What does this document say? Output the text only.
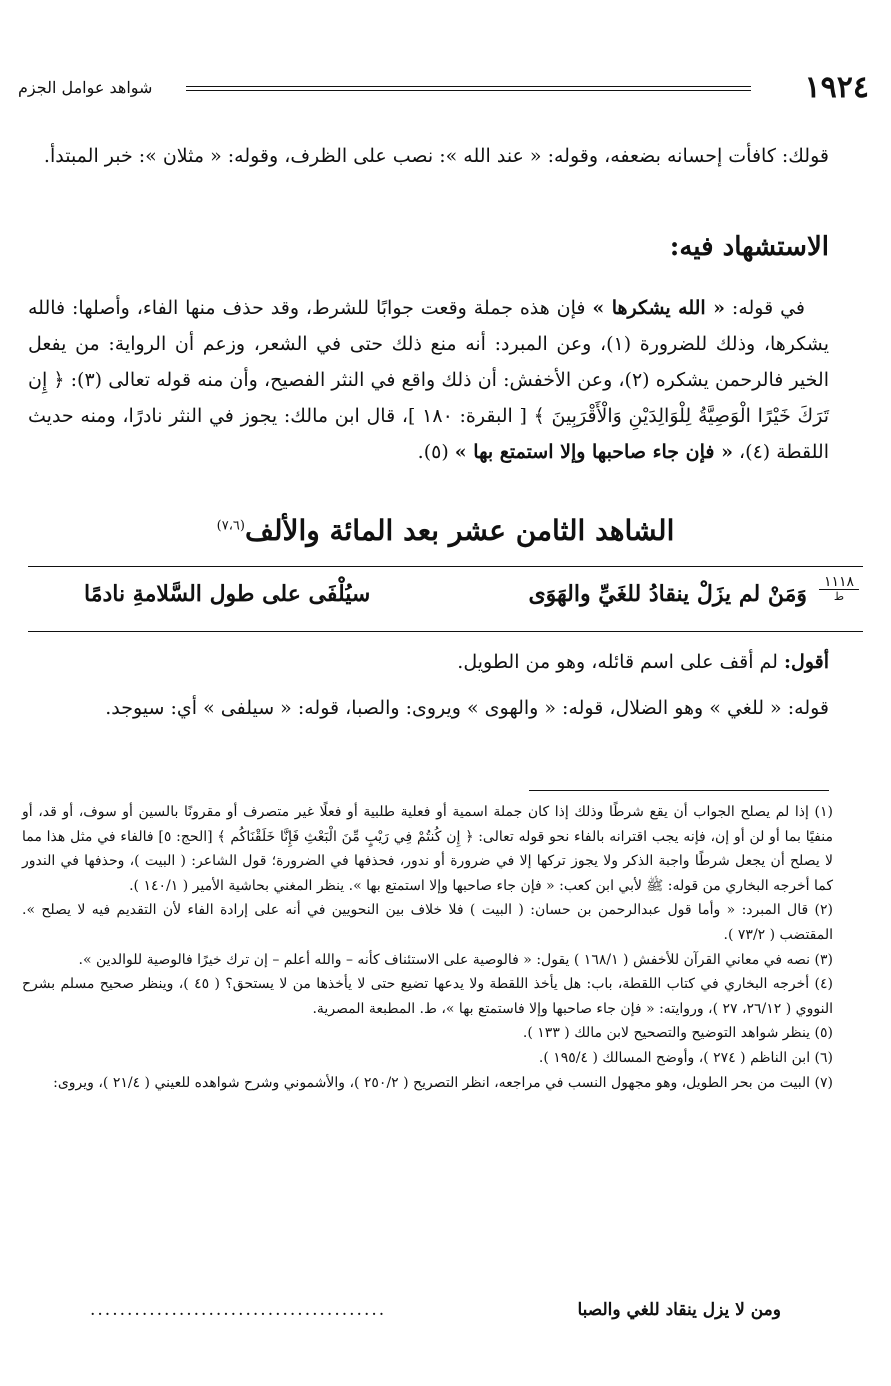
١٩٢٤
شواهد عوامل الجزم
قولك: كافأت إحسانه بضعفه، وقوله: « عند الله »: نصب على الظرف، وقوله: « مثلان »: خبر المبتدأ.
الاستشهاد فيه:
في قوله: « الله يشكرها » فإن هذه جملة وقعت جوابًا للشرط، وقد حذف منها الفاء، وأصلها: فالله يشكرها، وذلك للضرورة (١)، وعن المبرد: أنه منع ذلك حتى في الشعر، وزعم أن الرواية: من يفعل الخير فالرحمن يشكره (٢)، وعن الأخفش: أن ذلك واقع في النثر الفصيح، وأن منه قوله تعالى (٣): ﴿ إِن تَرَكَ خَيْرًا الْوَصِيَّةُ لِلْوَالِدَيْنِ وَالْأَقْرَبِينَ ﴾ [ البقرة: ١٨٠ ]، قال ابن مالك: يجوز في النثر نادرًا، ومنه حديث اللقطة (٤)، « فإن جاء صاحبها وإلا استمتع بها » (٥).
الشاهد الثامن عشر بعد المائة والألف$^{(٧،٦)}$
١١١٨
ط
وَمَنْ لم يزَلْ ينقادُ للغَيِّ والهَوَى
سيُلْفَى على طول السَّلامةِ نادمًا
أقول: لم أقف على اسم قائله، وهو من الطويل.
قوله: « للغي » وهو الضلال، قوله: « والهوى » ويروى: والصبا، قوله: « سيلفى » أي: سيوجد.

(١) إذا لم يصلح الجواب أن يقع شرطًا وذلك إذا كان جملة اسمية أو فعلية طلبية أو فعلًا غير متصرف أو مقرونًا بالسين أو سوف، أو قد، أو منفيًا بما أو لن أو إن، فإنه يجب اقترانه بالفاء نحو قوله تعالى: ﴿ إِن كُنتُمْ فِي رَيْبٍ مِّنَ الْبَعْثِ فَإِنَّا خَلَقْنَاكُم ﴾ [الحج: ٥] فالفاء في مثل هذا مما لا يصلح أن يجعل شرطًا واجبة الذكر ولا يجوز تركها إلا في ضرورة أو ندور، فحذفها في الضرورة؛ قول الشاعر: ( البيت )، وحذفها في الندور كما أخرجه البخاري من قوله: ﷺ لأبي ابن كعب: « فإن جاء صاحبها وإلا استمتع بها ». ينظر المغني بحاشية الأمير ( ١٤٠/١ ).

(٢) قال المبرد: « وأما قول عبدالرحمن بن حسان: ( البيت ) فلا خلاف بين النحويين في أنه على إرادة الفاء لأن التقديم فيه لا يصلح ». المقتضب ( ٧٣/٢ ).

(٣) نصه في معاني القرآن للأخفش ( ١٦٨/١ ) يقول: « فالوصية على الاستئناف كأنه – والله أعلم – إن ترك خيرًا فالوصية للوالدين ».

(٤) أخرجه البخاري في كتاب اللقطة، باب: هل يأخذ اللقطة ولا يدعها تضيع حتى لا يأخذها من لا يستحق؟ ( ٤٥ )، وينظر صحيح مسلم بشرح النووي ( ٢٦/١٢، ٢٧ )، وروايته: « فإن جاء صاحبها وإلا فاستمتع بها »، ط. المطبعة المصرية.

(٥) ينظر شواهد التوضيح والتصحيح لابن مالك ( ١٣٣ ).

(٦) ابن الناظم ( ٢٧٤ )، وأوضح المسالك ( ١٩٥/٤ ).

(٧) البيت من بحر الطويل، وهو مجهول النسب في مراجعه، انظر التصريح ( ٢٥٠/٢ )، والأشموني وشرح شواهده للعيني ( ٢١/٤ )، ويروى:

ومن لا يزل ينقاد للغي والصبا
........................................
